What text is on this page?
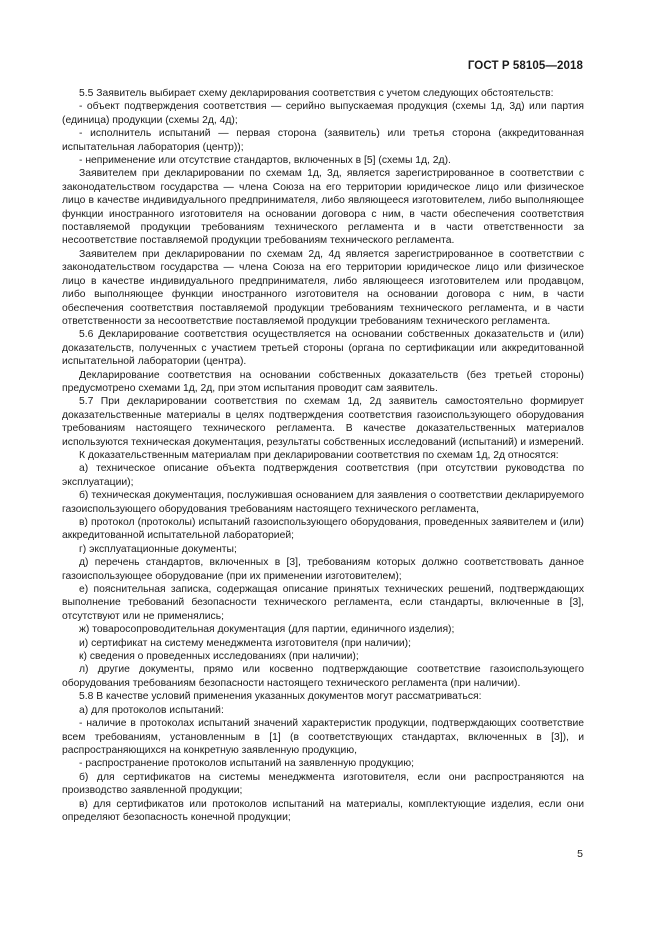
ГОСТ Р 58105—2018

5.5 Заявитель выбирает схему декларирования соответствия с учетом следующих обстоятельств:

- объект подтверждения соответствия — серийно выпускаемая продукция (схемы 1д, 3д) или партия (единица) продукции (схемы 2д, 4д);

- исполнитель испытаний — первая сторона (заявитель) или третья сторона (аккредитованная испытательная лаборатория (центр));

- неприменение или отсутствие стандартов, включенных в [5] (схемы 1д, 2д).

Заявителем при декларировании по схемам 1д, 3д, является зарегистрированное в соответствии с законодательством государства — члена Союза на его территории юридическое лицо или физическое лицо в качестве индивидуального предпринимателя, либо являющееся изготовителем, либо выполняющее функции иностранного изготовителя на основании договора с ним, в части обеспечения соответствия поставляемой продукции требованиям технического регламента и в части ответственности за несоответствие поставляемой продукции требованиям технического регламента.

Заявителем при декларировании по схемам 2д, 4д является зарегистрированное в соответствии с законодательством государства — члена Союза на его территории юридическое лицо или физическое лицо в качестве индивидуального предпринимателя, либо являющееся изготовителем или продавцом, либо выполняющее функции иностранного изготовителя на основании договора с ним, в части обеспечения соответствия поставляемой продукции требованиям технического регламента, и в части ответственности за несоответствие поставляемой продукции требованиям технического регламента.

5.6 Декларирование соответствия осуществляется на основании собственных доказательств и (или) доказательств, полученных с участием третьей стороны (органа по сертификации или аккредитованной испытательной лаборатории (центра).

Декларирование соответствия на основании собственных доказательств (без третьей стороны) предусмотрено схемами 1д, 2д, при этом испытания проводит сам заявитель.

5.7 При декларировании соответствия по схемам 1д, 2д заявитель самостоятельно формирует доказательственные материалы в целях подтверждения соответствия газоиспользующего оборудования требованиям настоящего технического регламента. В качестве доказательственных материалов используются техническая документация, результаты собственных исследований (испытаний) и измерений.

К доказательственным материалам при декларировании соответствия по схемам 1д, 2д относятся:

а) техническое описание объекта подтверждения соответствия (при отсутствии руководства по эксплуатации);

б) техническая документация, послужившая основанием для заявления о соответствии декларируемого газоиспользующего оборудования требованиям настоящего технического регламента,

в) протокол (протоколы) испытаний газоиспользующего оборудования, проведенных заявителем и (или) аккредитованной испытательной лабораторией;

г) эксплуатационные документы;

д) перечень стандартов, включенных в [3], требованиям которых должно соответствовать данное газоиспользующее оборудование (при их применении изготовителем);

е) пояснительная записка, содержащая описание принятых технических решений, подтверждающих выполнение требований безопасности технического регламента, если стандарты, включенные в [3], отсутствуют или не применялись;

ж) товаросопроводительная документация (для партии, единичного изделия);

и) сертификат на систему менеджмента изготовителя (при наличии);

к) сведения о проведенных исследованиях (при наличии);

л) другие документы, прямо или косвенно подтверждающие соответствие газоиспользующего оборудования требованиям безопасности настоящего технического регламента (при наличии).

5.8 В качестве условий применения указанных документов могут рассматриваться:

а) для протоколов испытаний:

- наличие в протоколах испытаний значений характеристик продукции, подтверждающих соответствие всем требованиям, установленным в [1] (в соответствующих стандартах, включенных в [3]), и распространяющихся на конкретную заявленную продукцию,

- распространение протоколов испытаний на заявленную продукцию;

б) для сертификатов на системы менеджмента изготовителя, если они распространяются на производство заявленной продукции;

в) для сертификатов или протоколов испытаний на материалы, комплектующие изделия, если они определяют безопасность конечной продукции;

5
